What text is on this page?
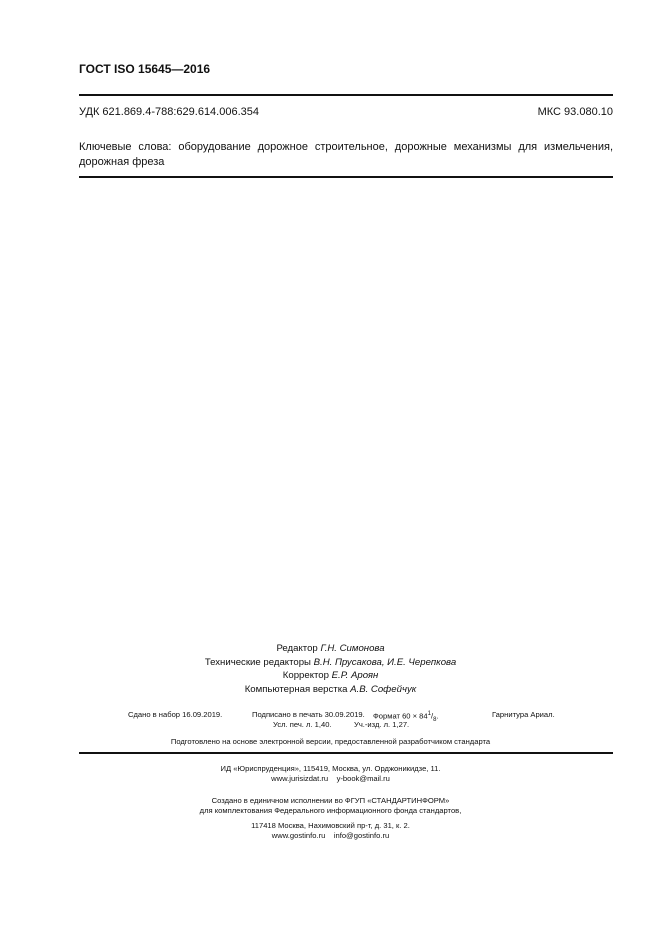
ГОСТ ISO 15645—2016
УДК 621.869.4-788:629.614.006.354	МКС 93.080.10
Ключевые слова: оборудование дорожное строительное, дорожные механизмы для измельчения,
дорожная фреза
Редактор Г.Н. Симонова
Технические редакторы В.Н. Прусакова, И.Е. Черепкова
Корректор Е.Р. Ароян
Компьютерная верстка А.В. Софейчук
Сдано в набор 16.09.2019.	Подписано в печать 30.09.2019. Формат $60 \times 84^1/_8$.	Гарнитура Ариал.
Усл. печ. л. 1,40.	Уч.-изд. л. 1,27.
Подготовлено на основе электронной версии, предоставленной разработчиком стандарта
ИД «Юриспруденция», 115419, Москва, ул. Орджоникидзе, 11.
www.jurisizdat.ru y-book@mail.ru
Создано в единичном исполнении во ФГУП «СТАНДАРТИНФОРМ»
для комплектования Федерального информационного фонда стандартов,
117418 Москва, Нахимовский пр-т, д. 31, к. 2.
www.gostinfo.ru info@gostinfo.ru
